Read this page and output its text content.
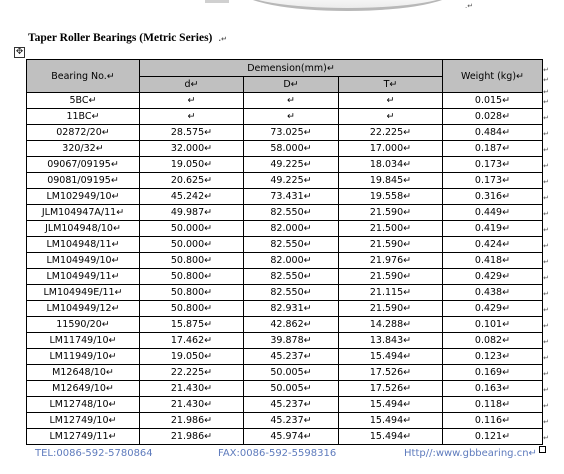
.↵
Taper Roller Bearings (Metric Series) .↵
✥
Bearing No.↵	Demension(mm)↵			Weight (kg)↵
	d↵	D↵	T↵	
5BC↵	↵	↵	↵	0.015↵
11BC↵	↵	↵	↵	0.028↵
02872/20↵	28.575↵	73.025↵	22.225↵	0.484↵
320/32↵	32.000↵	58.000↵	17.000↵	0.187↵
09067/09195↵	19.050↵	49.225↵	18.034↵	0.173↵
09081/09195↵	20.625↵	49.225↵	19.845↵	0.173↵
LM102949/10↵	45.242↵	73.431↵	19.558↵	0.316↵
JLM104947A/11↵	49.987↵	82.550↵	21.590↵	0.449↵
JLM104948/10↵	50.000↵	82.000↵	21.500↵	0.419↵
LM104948/11↵	50.000↵	82.550↵	21.590↵	0.424↵
LM104949/10↵	50.800↵	82.000↵	21.976↵	0.418↵
LM104949/11↵	50.800↵	82.550↵	21.590↵	0.429↵
LM104949E/11↵	50.800↵	82.550↵	21.115↵	0.438↵
LM104949/12↵	50.800↵	82.931↵	21.590↵	0.429↵
11590/20↵	15.875↵	42.862↵	14.288↵	0.101↵
LM11749/10↵	17.462↵	39.878↵	13.843↵	0.082↵
LM11949/10↵	19.050↵	45.237↵	15.494↵	0.123↵
M12648/10↵	22.225↵	50.005↵	17.526↵	0.169↵
M12649/10↵	21.430↵	50.005↵	17.526↵	0.163↵
LM12748/10↵	21.430↵	45.237↵	15.494↵	0.118↵
LM12749/10↵	21.986↵	45.237↵	15.494↵	0.116↵
LM12749/11↵	21.986↵	45.974↵	15.494↵	0.121↵
↵
↵
↵
↵
↵
↵
↵
↵
↵
↵
↵
↵
↵
↵
↵
↵
↵
↵
↵
↵
↵
↵
↵
↵
↵
TEL:0086-592-5780864	FAX:0086-592-5598316	Http//:www.gbbearing.cn↵
